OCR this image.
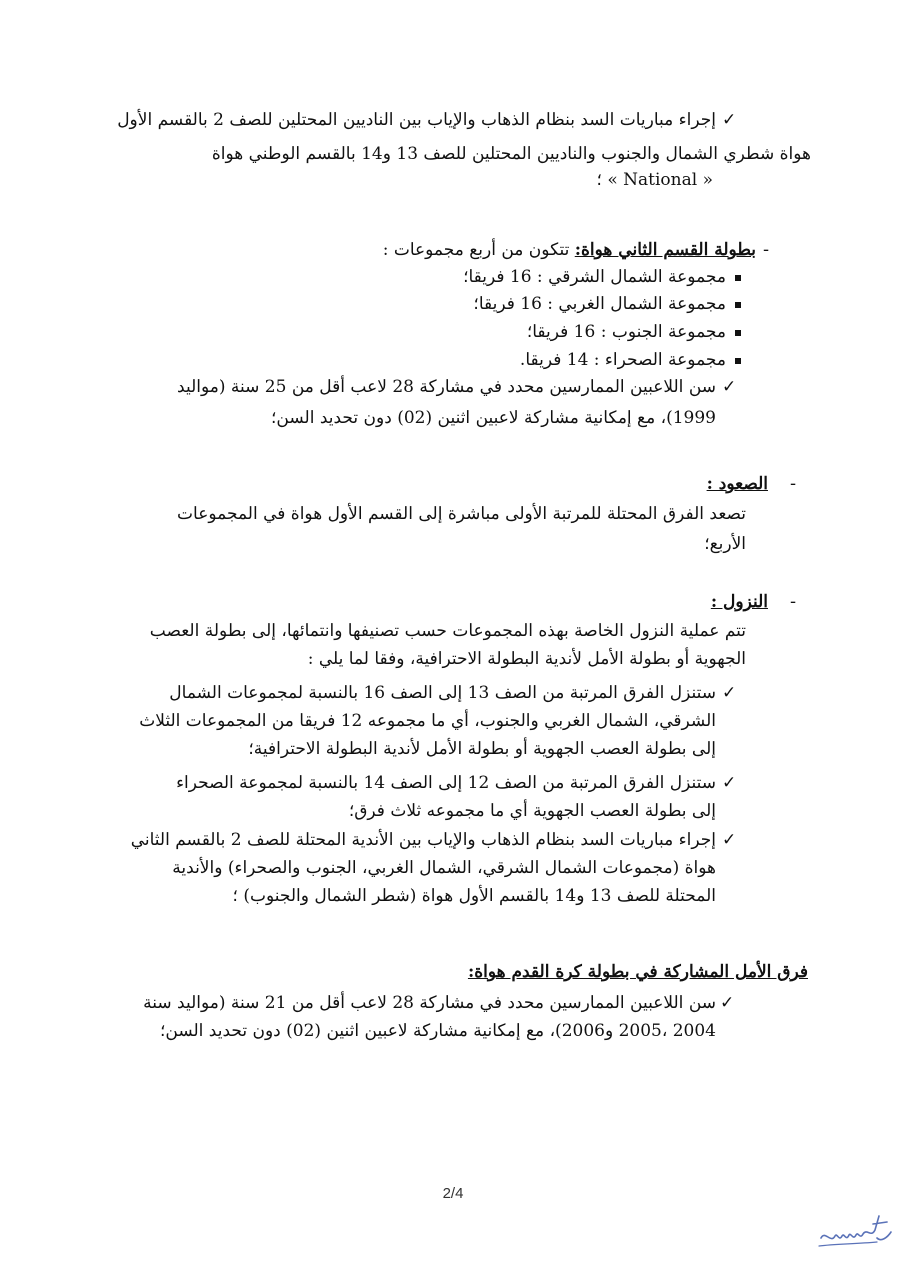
✓
إجراء مباريات السد بنظام الذهاب والإياب بين الناديين المحتلين للصف 2 بالقسم الأول
هواة شطري الشمال والجنوب والناديين المحتلين للصف 13 و14 بالقسم الوطني هواة
« National » ؛
-
بطولة القسم الثاني هواة: تتكون من أربع مجموعات :
مجموعة الشمال الشرقي : 16 فريقا؛
مجموعة الشمال الغربي : 16 فريقا؛
مجموعة الجنوب : 16 فريقا؛
مجموعة الصحراء : 14 فريقا.
✓
سن اللاعبين الممارسين محدد في مشاركة 28 لاعب أقل من 25 سنة (مواليد
1999)، مع إمكانية مشاركة لاعبين اثنين (02) دون تحديد السن؛
-
الصعود :
تصعد الفرق المحتلة للمرتبة الأولى مباشرة إلى القسم الأول هواة في المجموعات
الأربع؛
-
النزول :
تتم عملية النزول الخاصة بهذه المجموعات حسب تصنيفها وانتمائها، إلى بطولة العصب
الجهوية أو بطولة الأمل لأندية البطولة الاحترافية، وفقا لما يلي :
✓
ستنزل الفرق المرتبة من الصف 13 إلى الصف 16 بالنسبة لمجموعات الشمال
الشرقي، الشمال الغربي والجنوب، أي ما مجموعه 12 فريقا من المجموعات الثلاث
إلى بطولة العصب الجهوية أو بطولة الأمل لأندية البطولة الاحترافية؛
✓
ستنزل الفرق المرتبة من الصف 12 إلى الصف 14 بالنسبة لمجموعة الصحراء
إلى بطولة العصب الجهوية أي ما مجموعه ثلاث فرق؛
✓
إجراء مباريات السد بنظام الذهاب والإياب بين الأندية المحتلة للصف 2 بالقسم الثاني
هواة (مجموعات الشمال الشرقي، الشمال الغربي، الجنوب والصحراء) والأندية
المحتلة للصف 13 و14 بالقسم الأول هواة (شطر الشمال والجنوب) ؛
فرق الأمل المشاركة في بطولة كرة القدم هواة:
✓
سن اللاعبين الممارسين محدد في مشاركة 28 لاعب أقل من 21 سنة (مواليد سنة
2004 ،2005 و2006)، مع إمكانية مشاركة لاعبين اثنين (02) دون تحديد السن؛
2/4
